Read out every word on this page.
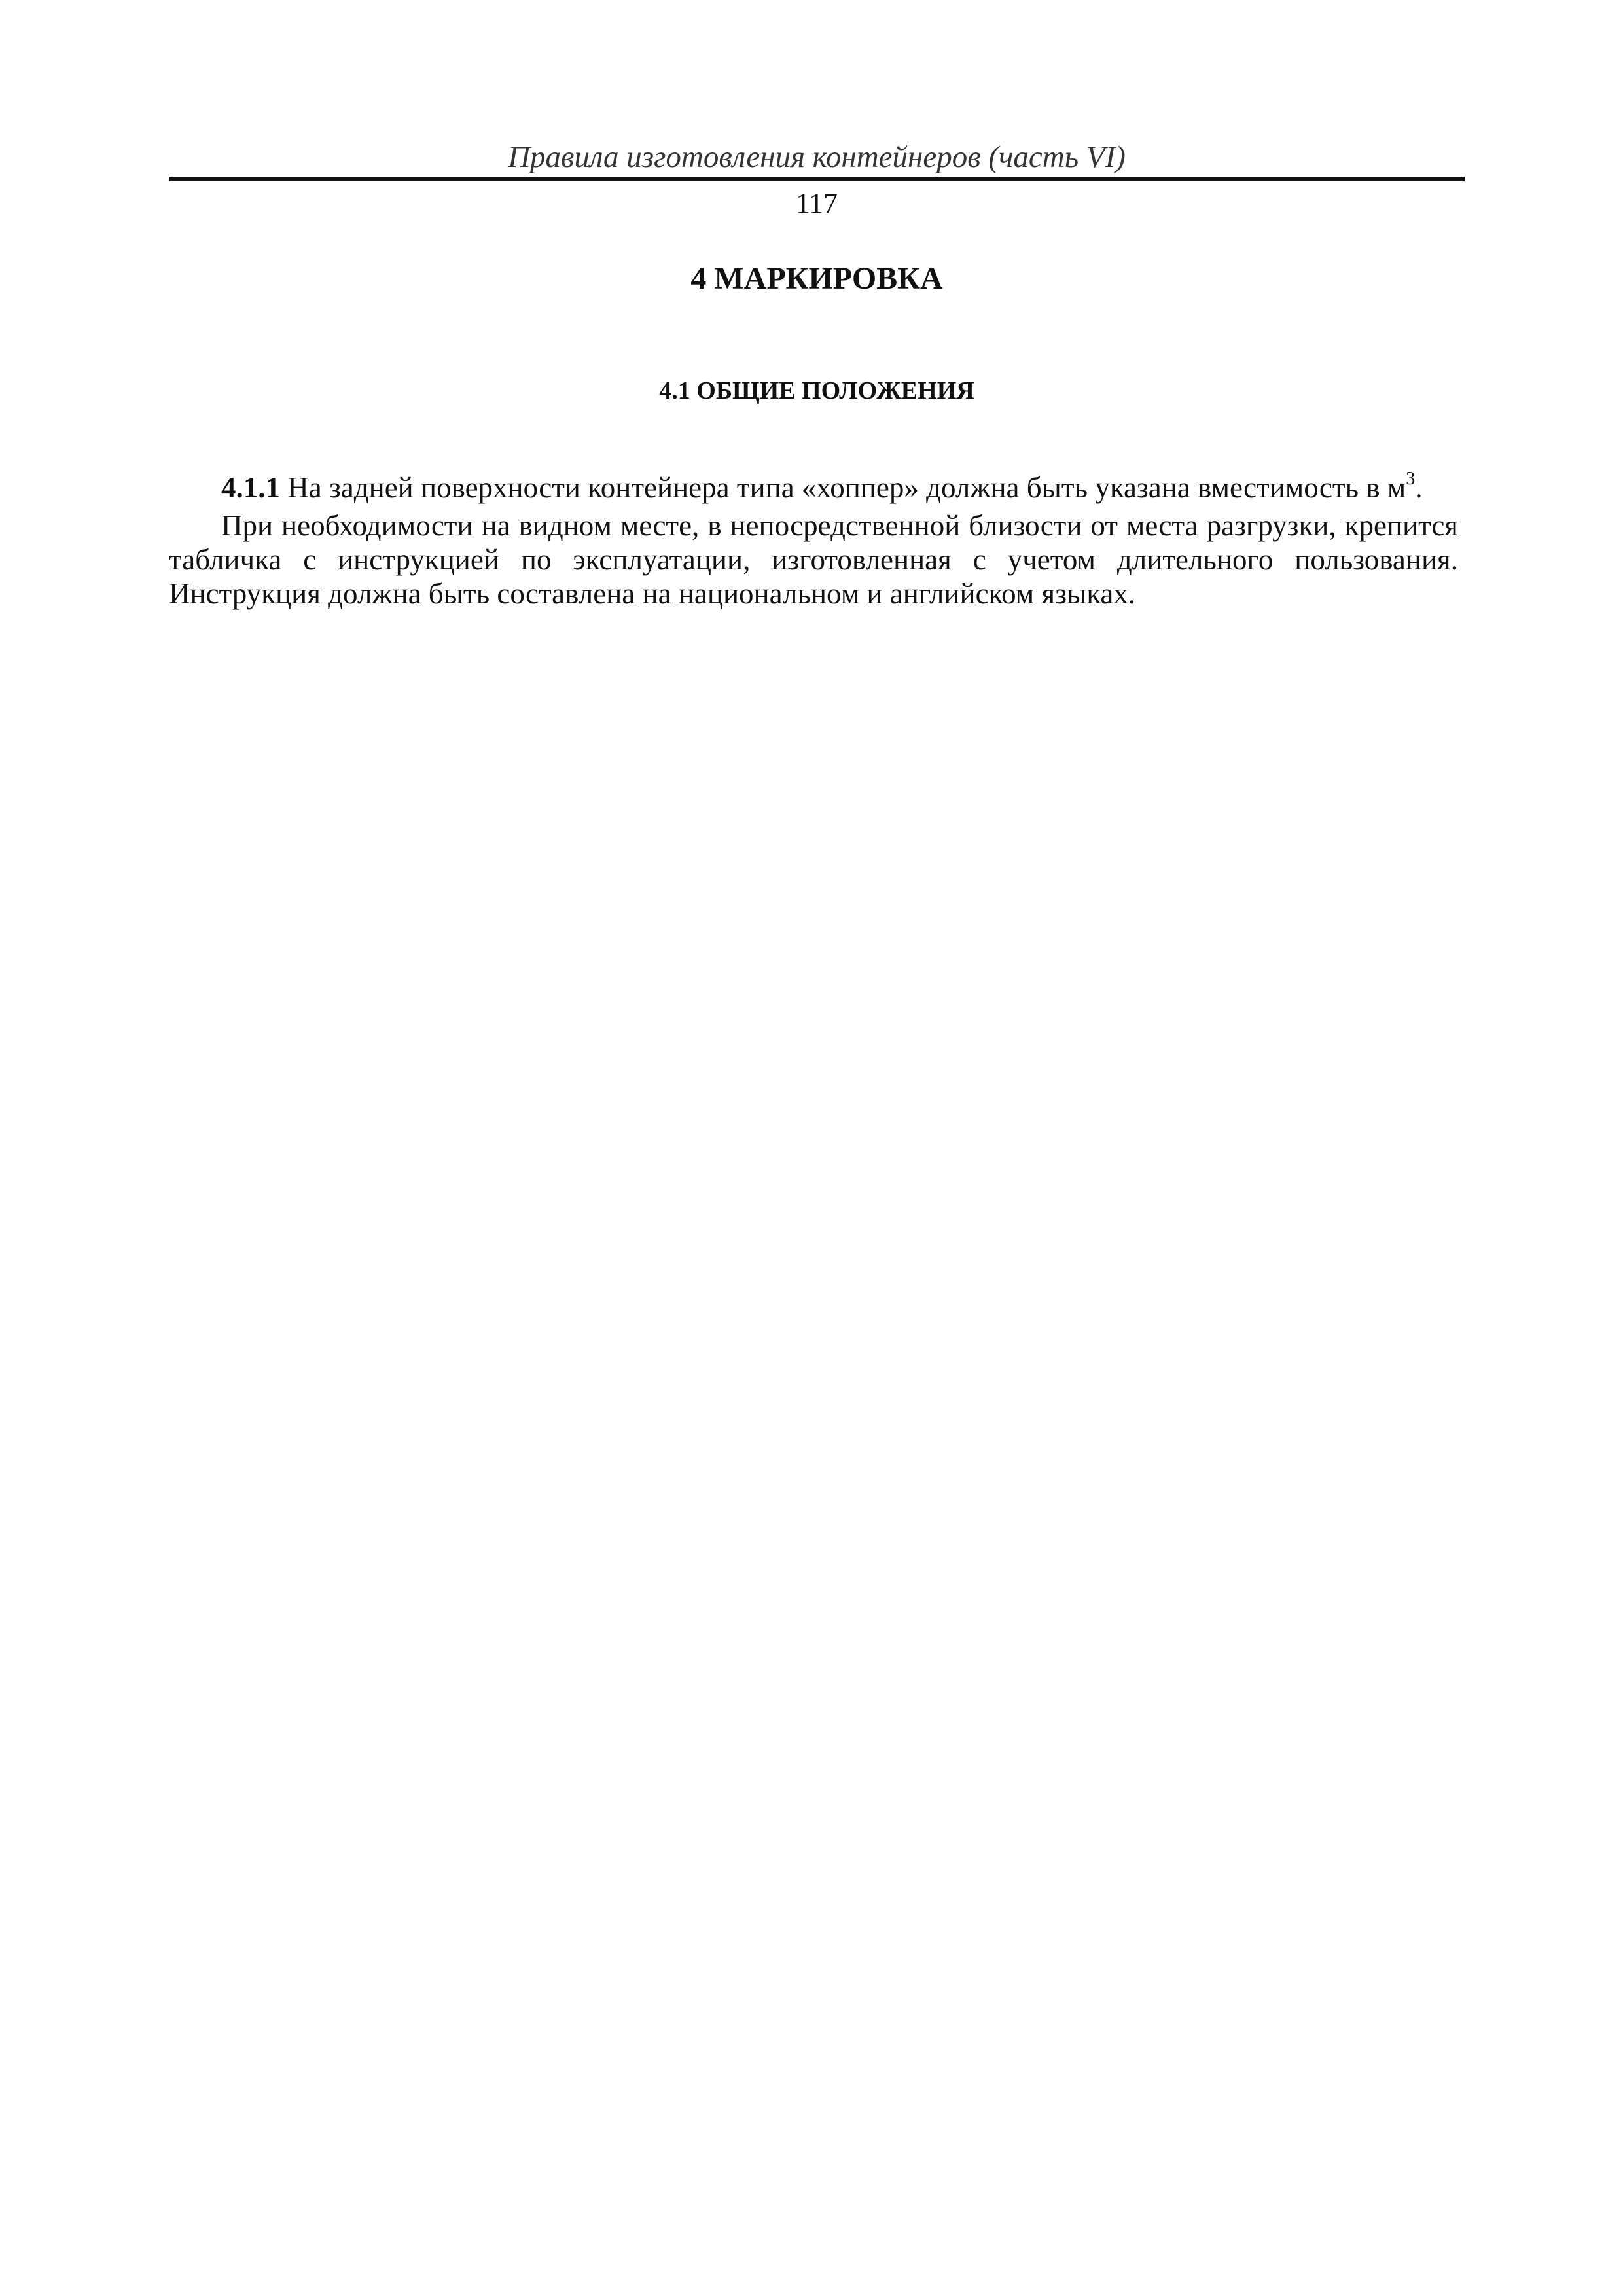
Правила изготовления контейнеров (часть VI)
117
4 МАРКИРОВКА
4.1 ОБЩИЕ ПОЛОЖЕНИЯ

4.1.1 На задней поверхности контейнера типа «хоппер» должна быть указана вместимость в $м^3$.

При необходимости на видном месте, в непосредственной близости от места разгрузки, крепится табличка с инструкцией по эксплуатации, изготовленная с учетом длительного пользования. Инструкция должна быть составлена на национальном и английском языках.
